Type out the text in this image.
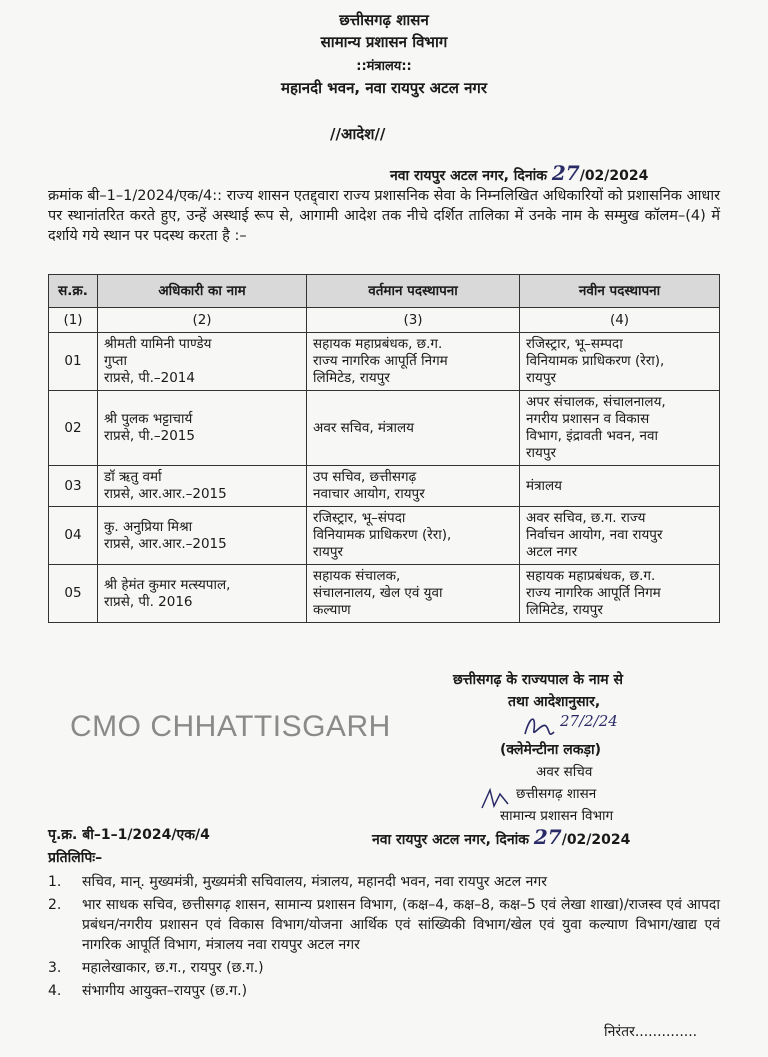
छत्तीसगढ़ शासन
सामान्य प्रशासन विभाग
::मंत्रालय::
महानदी भवन, नवा रायपुर अटल नगर
//आदेश//
नवा रायपुर अटल नगर, दिनांक 27/02/2024
क्रमांक बी–1–1/2024/एक/4:: राज्य शासन एतद्द्वारा राज्य प्रशासनिक सेवा के निम्नलिखित अधिकारियों को प्रशासनिक आधार पर स्थानांतरित करते हुए, उन्हें अस्थाई रूप से, आगामी आदेश तक नीचे दर्शित तालिका में उनके नाम के सम्मुख कॉलम–(4) में दर्शाये गये स्थान पर पदस्थ करता है :–
स.क्र.	अधिकारी का नाम	वर्तमान पदस्थापना	नवीन पदस्थापना
(1)	(2)	(3)	(4)
01	श्रीमती यामिनी पाण्डेय
गुप्ता
राप्रसे, पी.–2014	सहायक महाप्रबंधक, छ.ग.
राज्य नागरिक आपूर्ति निगम
लिमिटेड, रायपुर	रजिस्ट्रार, भू–सम्पदा
विनियामक प्राधिकरण (रेरा),
रायपुर

02	श्री पुलक भट्टाचार्य
राप्रसे, पी.–2015	अवर सचिव, मंत्रालय	अपर संचालक, संचालनालय,
नगरीय प्रशासन व विकास
विभाग, इंद्रावती भवन, नवा
रायपुर

03	डॉ ऋतु वर्मा
राप्रसे, आर.आर.–2015	उप सचिव, छत्तीसगढ़
नवाचार आयोग, रायपुर	मंत्रालय

04	कु. अनुप्रिया मिश्रा
राप्रसे, आर.आर.–2015	रजिस्ट्रार, भू–संपदा
विनियामक प्राधिकरण (रेरा),
रायपुर	अवर सचिव, छ.ग. राज्य
निर्वाचन आयोग, नवा रायपुर
अटल नगर

05	श्री हेमंत कुमार मत्स्यपाल,
राप्रसे, पी. 2016	सहायक संचालक,
संचालनालय, खेल एवं युवा
कल्याण	सहायक महाप्रबंधक, छ.ग.
राज्य नागरिक आपूर्ति निगम
लिमिटेड, रायपुर
छत्तीसगढ़ के राज्यपाल के नाम से
तथा आदेशानुसार,
27/2/24
(क्लेमेन्टीना लकड़ा)
अवर सचिव
छत्तीसगढ़ शासन
सामान्य प्रशासन विभाग
CMO CHHATTISGARH
पृ.क्र. बी–1–1/2024/एक/4	नवा रायपुर अटल नगर, दिनांक 27/02/2024
प्रतिलिपिः–
1.	सचिव, मान्. मुख्यमंत्री, मुख्यमंत्री सचिवालय, मंत्रालय, महानदी भवन, नवा रायपुर अटल नगर
2.	भार साधक सचिव, छत्तीसगढ़ शासन, सामान्य प्रशासन विभाग, (कक्ष–4, कक्ष–8, कक्ष–5 एवं लेखा शाखा)/राजस्व एवं आपदा प्रबंधन/नगरीय प्रशासन एवं विकास विभाग/योजना आर्थिक एवं सांख्यिकी विभाग/खेल एवं युवा कल्याण विभाग/खाद्य एवं नागरिक आपूर्ति विभाग, मंत्रालय नवा रायपुर अटल नगर
3.	महालेखाकार, छ.ग., रायपुर (छ.ग.)
4.	संभागीय आयुक्त–रायपुर (छ.ग.)
निरंतर..............
